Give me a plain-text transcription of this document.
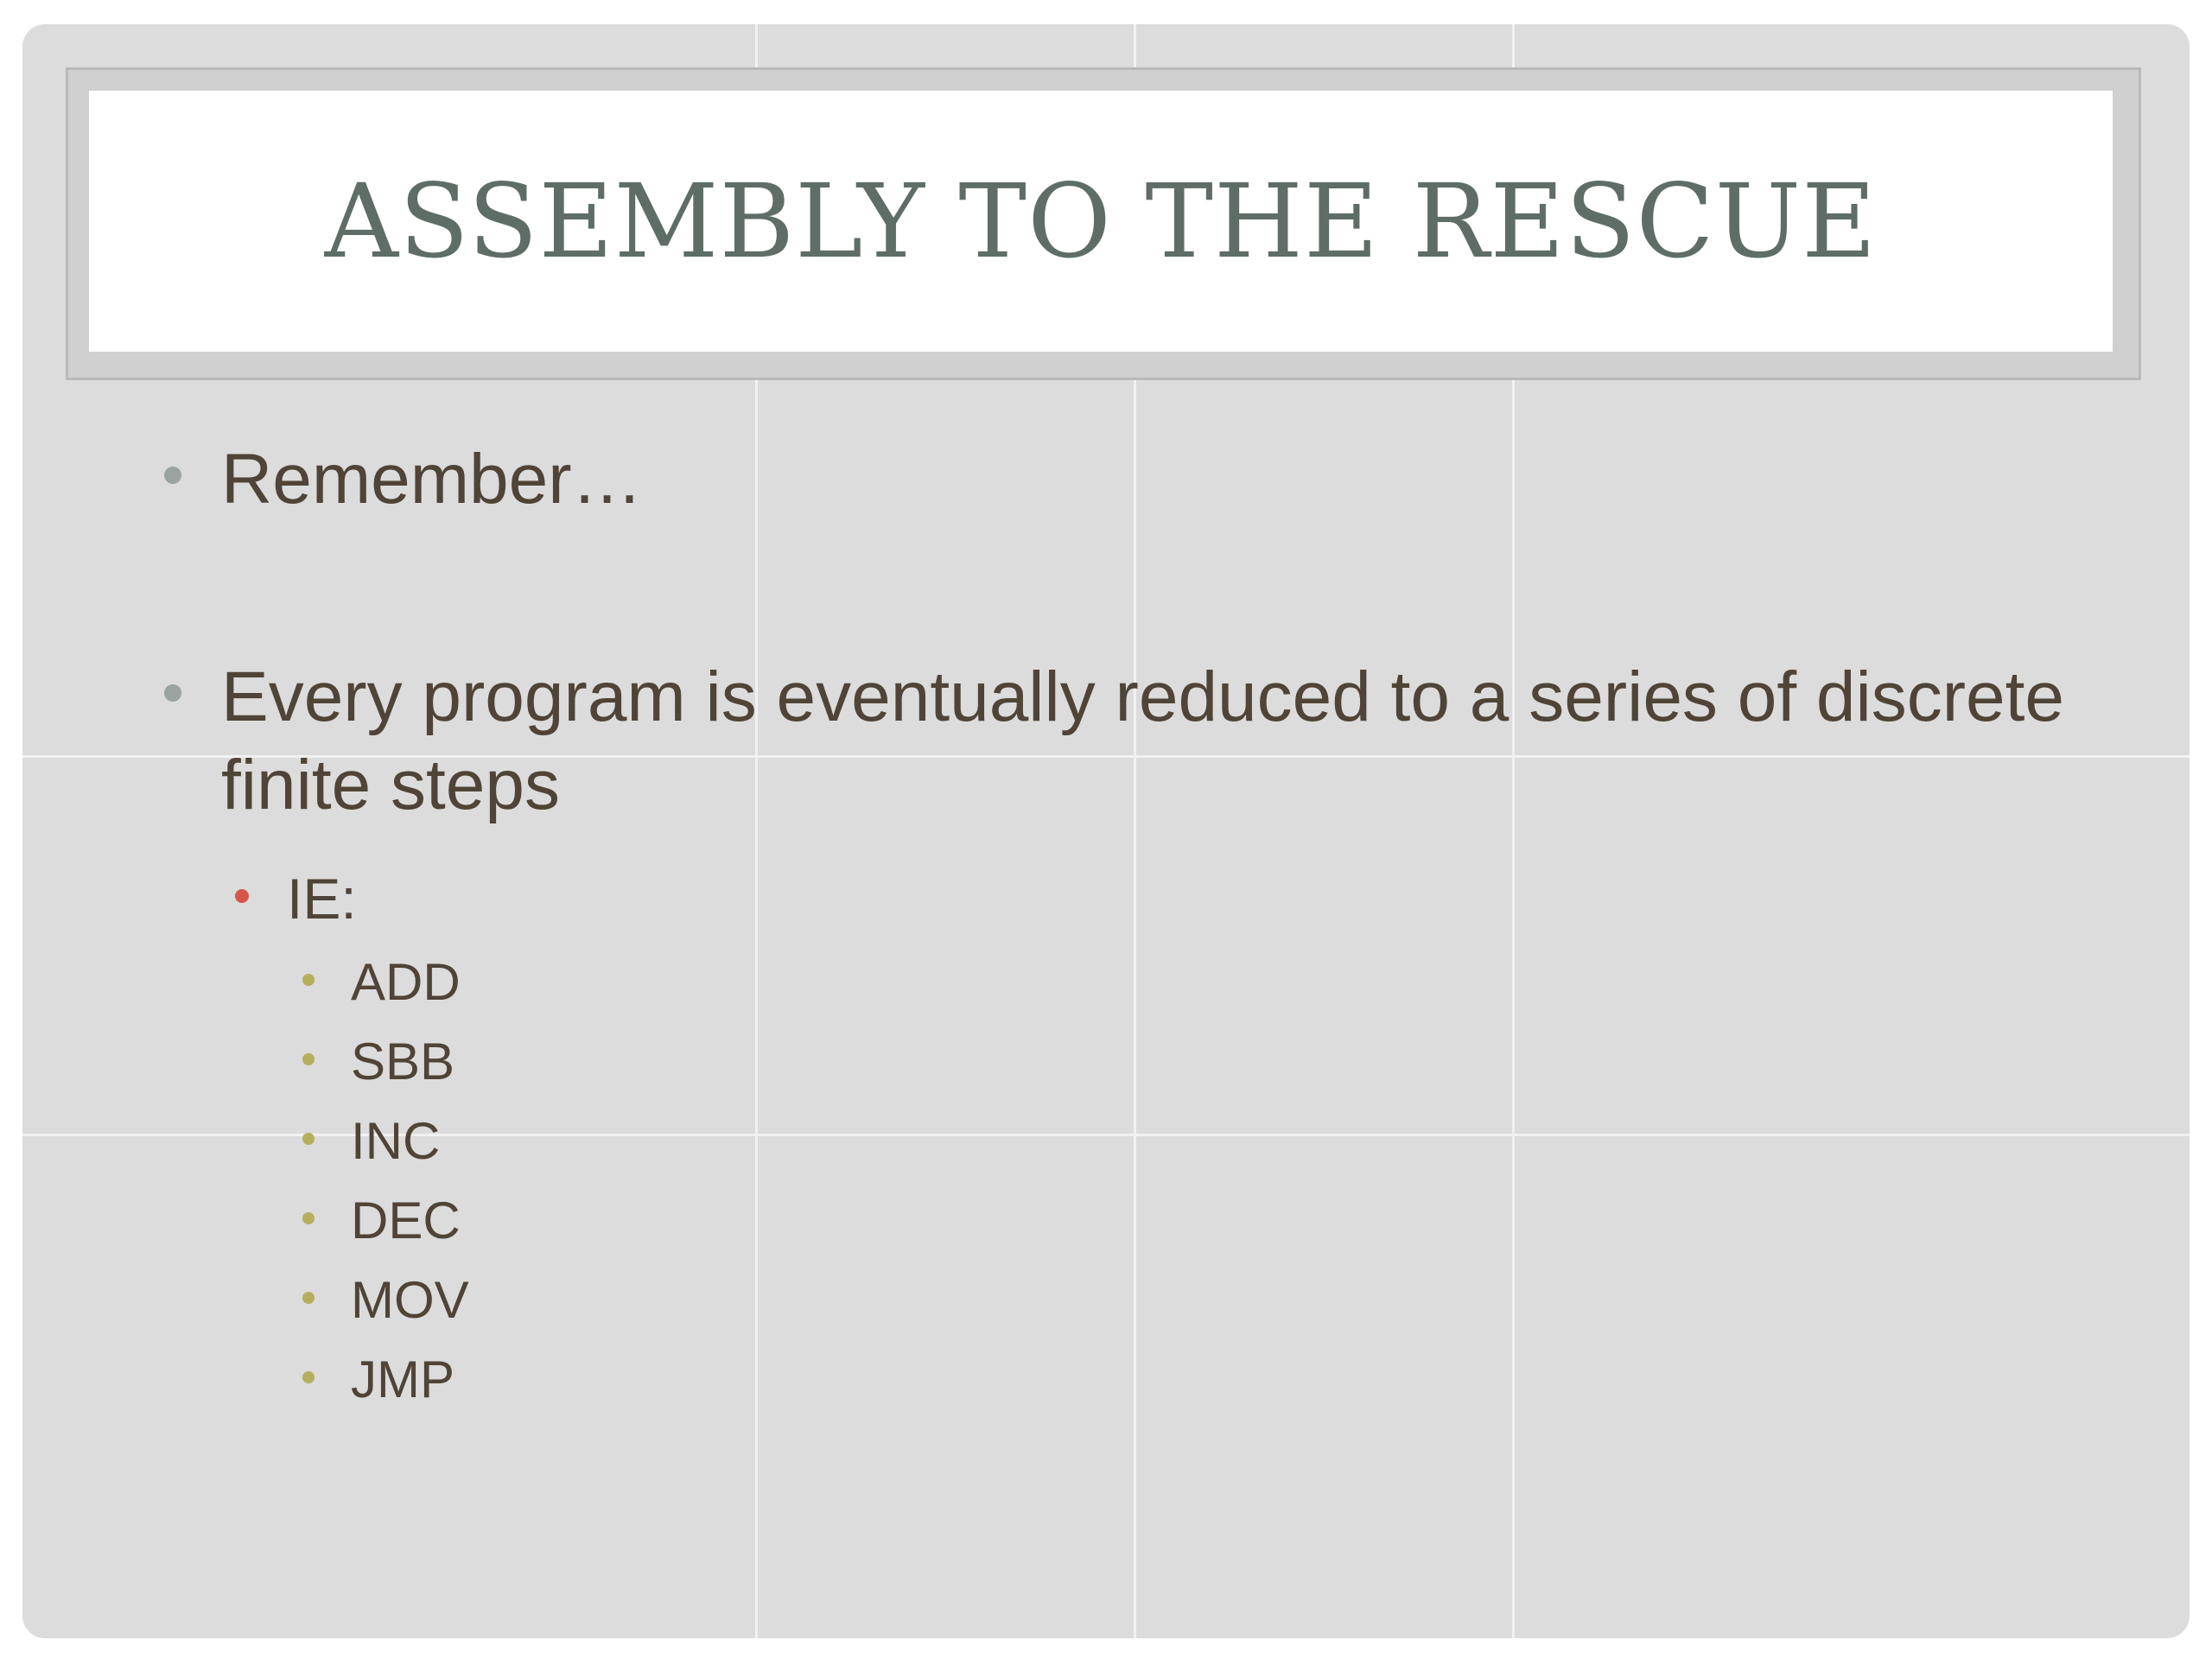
ASSEMBLY TO THE RESCUE
Remember…
Every program is eventually reduced to a series of discrete finite steps
IE:
ADD
SBB
INC
DEC
MOV
JMP
